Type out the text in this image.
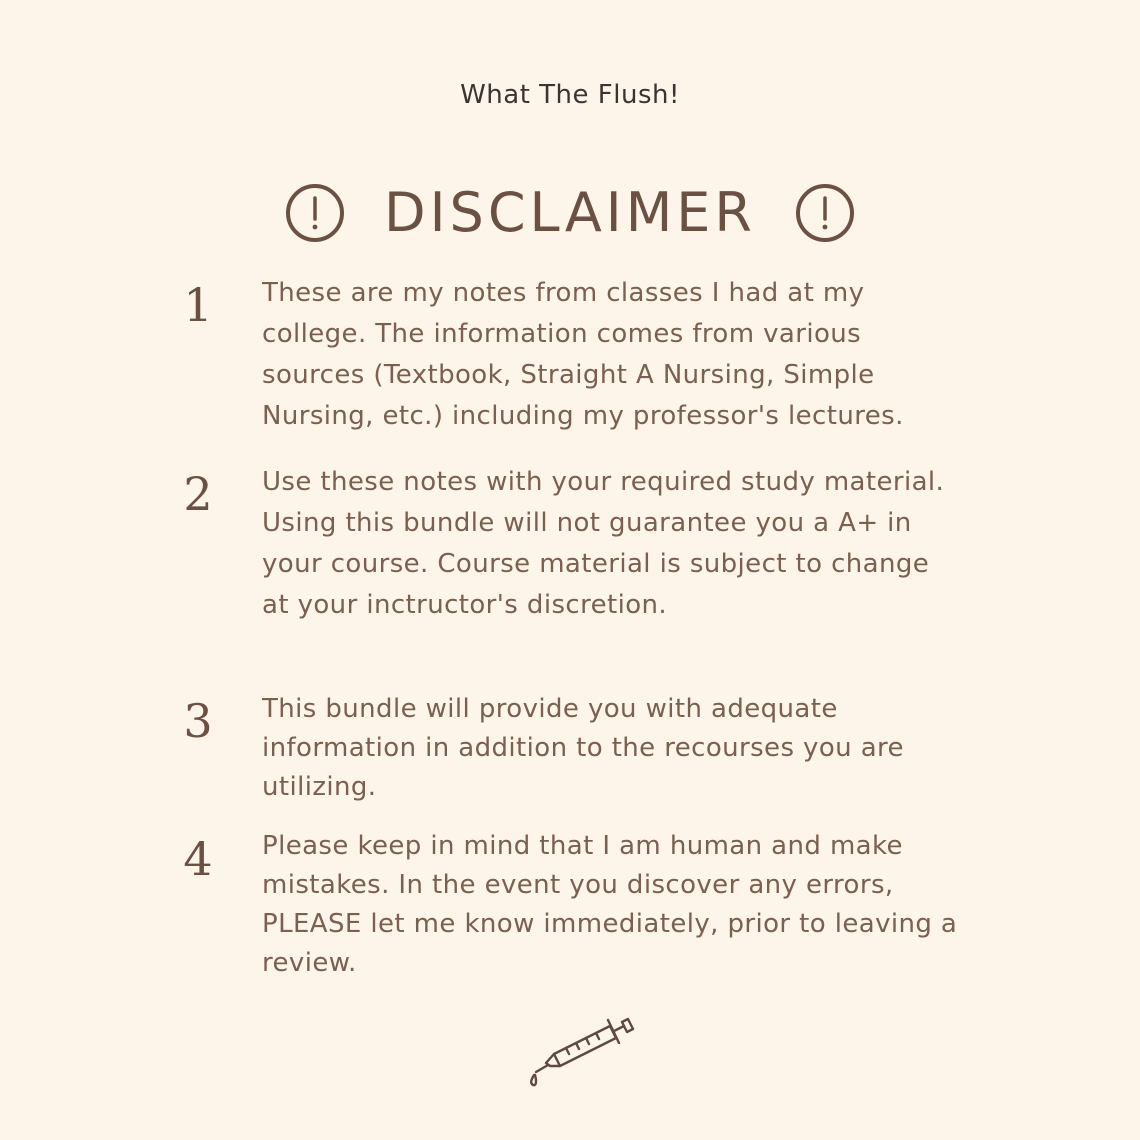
What The Flush!
DISCLAIMER
1 These are my notes from classes I had at my college. The information comes from various sources (Textbook, Straight A Nursing, Simple Nursing, etc.) including my professor's lectures.
2 Use these notes with your required study material. Using this bundle will not guarantee you a A+ in your course. Course material is subject to change at your inctructor's discretion.
3 This bundle will provide you with adequate information in addition to the recourses you are utilizing.
4 Please keep in mind that I am human and make mistakes. In the event you discover any errors, PLEASE let me know immediately, prior to leaving a review.
